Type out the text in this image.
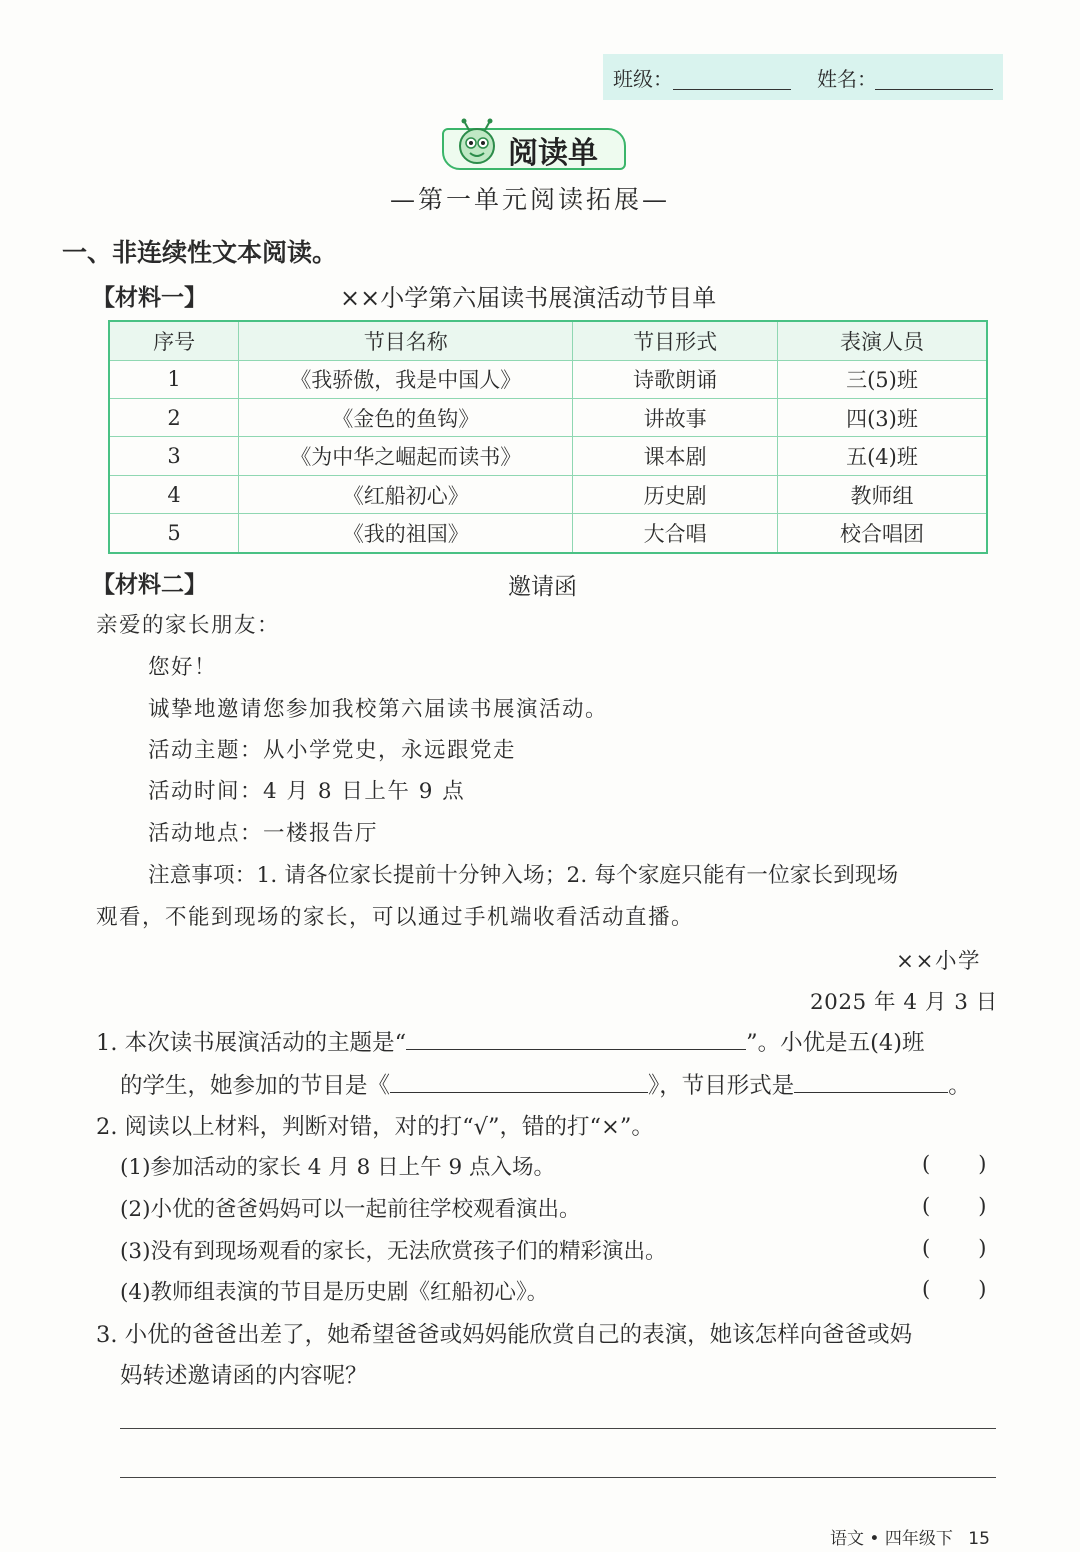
班级：	姓名：
阅读单
—第一单元阅读拓展—
一、非连续性文本阅读。
【材料一】	××小学第六届读书展演活动节目单
序号	节目名称	节目形式	表演人员
1	《我骄傲，我是中国人》	诗歌朗诵	三(5)班
2	《金色的鱼钩》	讲故事	四(3)班
3	《为中华之崛起而读书》	课本剧	五(4)班
4	《红船初心》	历史剧	教师组
5	《我的祖国》	大合唱	校合唱团
【材料二】	邀请函
亲爱的家长朋友：
您好！
诚挚地邀请您参加我校第六届读书展演活动。
活动主题：从小学党史，永远跟党走
活动时间：4 月 8 日上午 9 点
活动地点：一楼报告厅
注意事项：1. 请各位家长提前十分钟入场；2. 每个家庭只能有一位家长到现场
观看，不能到现场的家长，可以通过手机端收看活动直播。
××小学
2025 年 4 月 3 日
1. 本次读书展演活动的主题是“	”。小优是五(4)班
的学生，她参加的节目是《	》，节目形式是	。
2. 阅读以上材料，判断对错，对的打“√”，错的打“×”。
(1)参加活动的家长 4 月 8 日上午 9 点入场。	()
(2)小优的爸爸妈妈可以一起前往学校观看演出。	()
(3)没有到现场观看的家长，无法欣赏孩子们的精彩演出。	()
(4)教师组表演的节目是历史剧《红船初心》。	()
3. 小优的爸爸出差了，她希望爸爸或妈妈能欣赏自己的表演，她该怎样向爸爸或妈
妈转述邀请函的内容呢？
语文 • 四年级下 15
